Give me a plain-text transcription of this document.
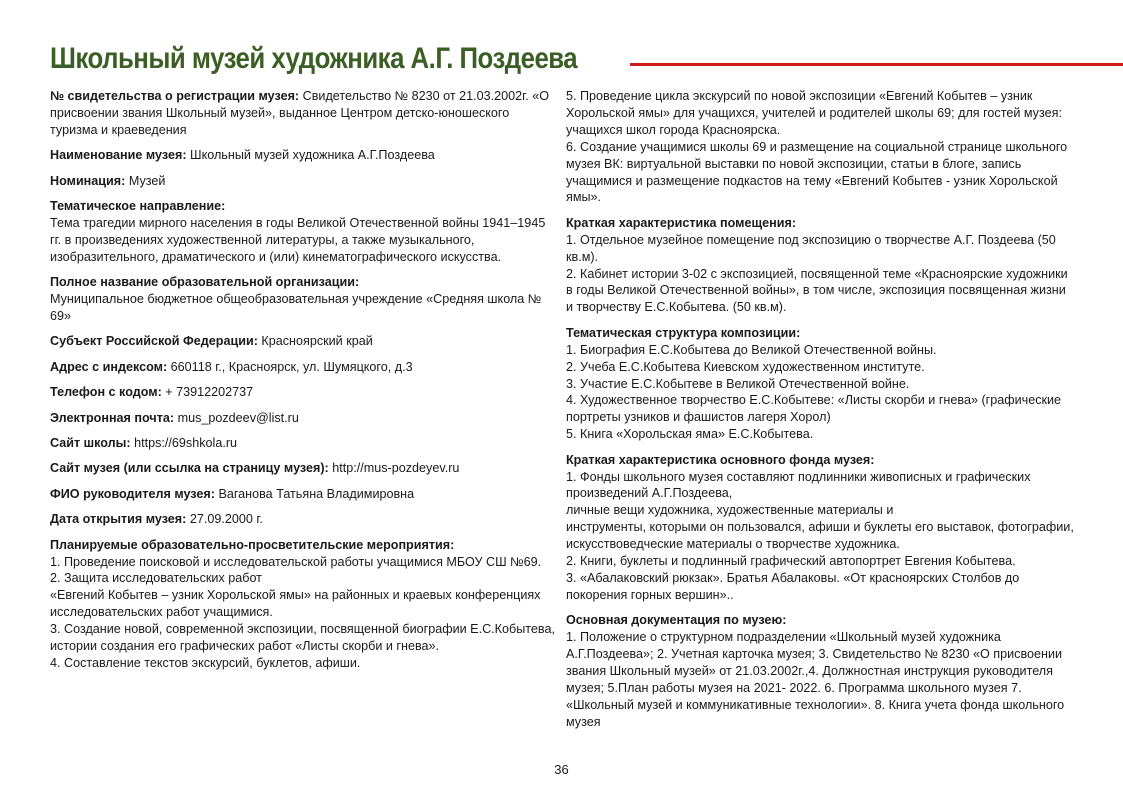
Школьный музей художника А.Г. Поздеева
№ свидетельства о регистрации музея: Свидетельство № 8230 от 21.03.2002г. «О присвоении звания Школьный музей», выданное Центром детско-юношеского туризма и краеведения
Наименование музея: Школьный музей художника А.Г.Поздеева
Номинация: Музей
Тематическое направление:
Тема трагедии мирного населения в годы Великой Отечественной войны 1941–1945 гг. в произведениях художественной литературы, а также музыкального, изобразительного, драматического и (или) кинематографического искусства.
Полное название образовательной организации:
Муниципальное бюджетное общеобразовательная учреждение «Средняя школа № 69»
Субъект Российской Федерации: Красноярский край
Адрес с индексом: 660118 г., Красноярск, ул. Шумяцкого, д.3
Телефон с кодом: + 73912202737
Электронная почта: mus_pozdeev@list.ru
Сайт школы: https://69shkola.ru
Сайт музея (или ссылка на страницу музея): http://mus-pozdeyev.ru
ФИО руководителя музея: Ваганова Татьяна Владимировна
Дата открытия музея: 27.09.2000 г.
Планируемые образовательно-просветительские мероприятия:
1. Проведение поисковой и исследовательской работы учащимися МБОУ СШ №69.
2. Защита исследовательских работ
«Евгений Кобытев – узник Хорольской ямы» на районных и краевых конференциях
исследовательских работ учащимися.
3. Создание новой, современной экспозиции, посвященной биографии Е.С.Кобытева, истории создания его графических работ «Листы скорби и гнева».
4. Составление текстов экскурсий, буклетов, афиши.
5. Проведение цикла экскурсий по новой экспозиции «Евгений Кобытев – узник Хорольской ямы» для учащихся, учителей и родителей школы 69; для гостей музея: учащихся школ города Красноярска.
6. Создание учащимися школы 69 и размещение на социальной странице школьного музея ВК: виртуальной выставки по новой экспозиции, статьи в блоге, запись учащимися и размещение подкастов на тему «Евгений Кобытев - узник Хорольской ямы».
Краткая характеристика помещения:
1. Отдельное музейное помещение под экспозицию о творчестве А.Г. Поздеева (50 кв.м).
2. Кабинет истории 3-02 с экспозицией, посвященной теме «Красноярские художники в годы Великой Отечественной войны», в том числе, экспозиция посвященная жизни и творчеству Е.С.Кобытева. (50 кв.м).
Тематическая структура композиции:
1. Биография Е.С.Кобытева до Великой Отечественной войны.
2. Учеба Е.С.Кобытева Киевском художественном институте.
3. Участие Е.С.Кобытеве в Великой Отечественной войне.
4. Художественное творчество Е.С.Кобытеве: «Листы скорби и гнева» (графические портреты узников и фашистов лагеря Хорол)
5. Книга «Хорольская яма» Е.С.Кобытева.
Краткая характеристика основного фонда музея:
1. Фонды школьного музея составляют подлинники живописных и графических произведений А.Г.Поздеева,
личные вещи художника, художественные материалы и
инструменты, которыми он пользовался, афиши и буклеты его выставок, фотографии, искусствоведческие материалы о творчестве художника.
2. Книги, буклеты и подлинный графический автопортрет Евгения Кобытева.
3. «Абалаковский рюкзак». Братья Абалаковы. «От красноярских Столбов до покорения горных вершин»..
Основная документация по музею:
1. Положение о структурном подразделении «Школьный музей художника А.Г.Поздеева»; 2. Учетная карточка музея; 3. Свидетельство № 8230 «О присвоении звания Школьный музей» от 21.03.2002г.,4. Должностная инструкция руководителя музея; 5.План работы музея на 2021- 2022. 6. Программа школьного музея 7. «Школьный музей и коммуникативные технологии». 8. Книга учета фонда школьного музея
36
